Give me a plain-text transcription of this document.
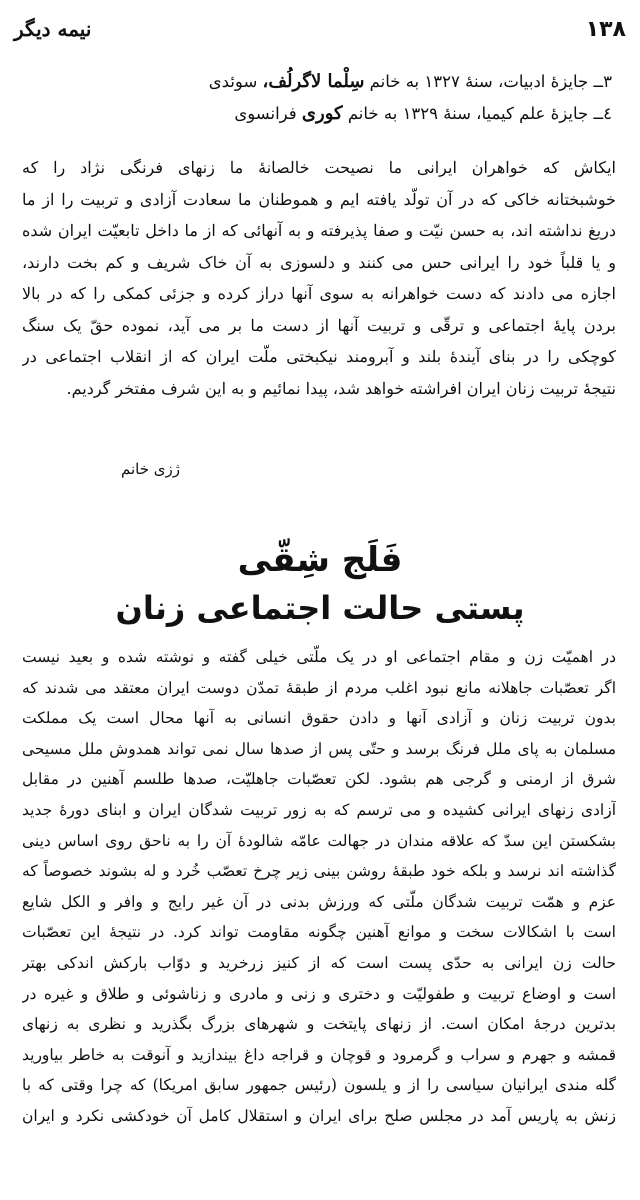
۱۳۸
نیمه دیگر
۳ــ جایزهٔ ادبیات، سنهٔ ۱۳۲۷ به خانم سِلْما لاگرلُف، سوئدی
٤ــ جایزهٔ علم کیمیا، سنهٔ ۱۳۲۹ به خانم کوری فرانسوی
ایکاش که خواهران ایرانی ما نصیحت خالصانهٔ ما زنهای فرنگی نژاد را که
خوشبختانه خاکی که در آن تولّد یافته ایم و هموطنان ما سعادت آزادی و تربیت را از ما
دریغ نداشته اند، به حسن نیّت و صفا پذیرفته و به آنهائی که از ما داخل تابعیّت ایران شده
و یا قلباً خود را ایرانی حس می کنند و دلسوزی به آن خاک شریف و کم بخت دارند،
اجازه می دادند که دست خواهرانه به سوی آنها دراز کرده و جزئی کمکی را که در بالا
بردن پایهٔ اجتماعی و ترقّی و تربیت آنها از دست ما بر می آید، نموده حقّ یک سنگ
کوچکی را در بنای آیندهٔ بلند و آبرومند نیکبختی ملّت ایران که از انقلاب اجتماعی در
نتیجهٔ تربیت زنان ایران افراشته خواهد شد، پیدا نمائیم و به این شرف مفتخر گردیم.
ژزی خانم
فَلَج شِقّی
پستی حالت اجتماعی زنان
در اهمیّت زن و مقام اجتماعی او در یک ملّتی خیلی گفته و نوشته شده و بعید نیست
اگر تعصّبات جاهلانه مانع نبود اغلب مردم از طبقهٔ تمدّن دوست ایران معتقد می شدند که
بدون تربیت زنان و آزادی آنها و دادن حقوق انسانی به آنها محال است یک مملکت
مسلمان به پای ملل فرنگ برسد و حتّی پس از صدها سال نمی تواند همدوش ملل مسیحی
شرق از ارمنی و گرجی هم بشود. لکن تعصّبات جاهلیّت، صدها طلسم آهنین در مقابل
آزادی زنهای ایرانی کشیده و می ترسم که به زور تربیت شدگان ایران و ابنای دورهٔ جدید
بشکستن این سدّ که علاقه مندان در جهالت عامّه شالودهٔ آن را به ناحق روی اساس دینی
گذاشته اند نرسد و بلکه خود طبقهٔ روشن بینی زیر چرخ تعصّب خُرد و له بشوند خصوصاً که
عزم و همّت تربیت شدگان ملّتی که ورزش بدنی در آن غیر رایج و وافر و الکل شایع
است با اشکالات سخت و موانع آهنین چگونه مقاومت تواند کرد. در نتیجهٔ این تعصّبات
حالت زن ایرانی به حدّی پست است که از کنیز زرخرید و دوّاب بارکش اندکی بهتر
است و اوضاع تربیت و طفولیّت و دختری و زنی و مادری و زناشوئی و طلاق و غیره در
بدترین درجهٔ امکان است. از زنهای پایتخت و شهرهای بزرگ بگذرید و نظری به زنهای
قمشه و جهرم و سراب و گرمرود و قوچان و قراجه داغ بیندازید و آنوقت به خاطر بیاورید
گله مندی ایرانیان سیاسی را از و یلسون (رئیس جمهور سابق امریکا) که چرا وقتی که با
زنش به پاریس آمد در مجلس صلح برای ایران و استقلال کامل آن خودکشی نکرد و ایران
